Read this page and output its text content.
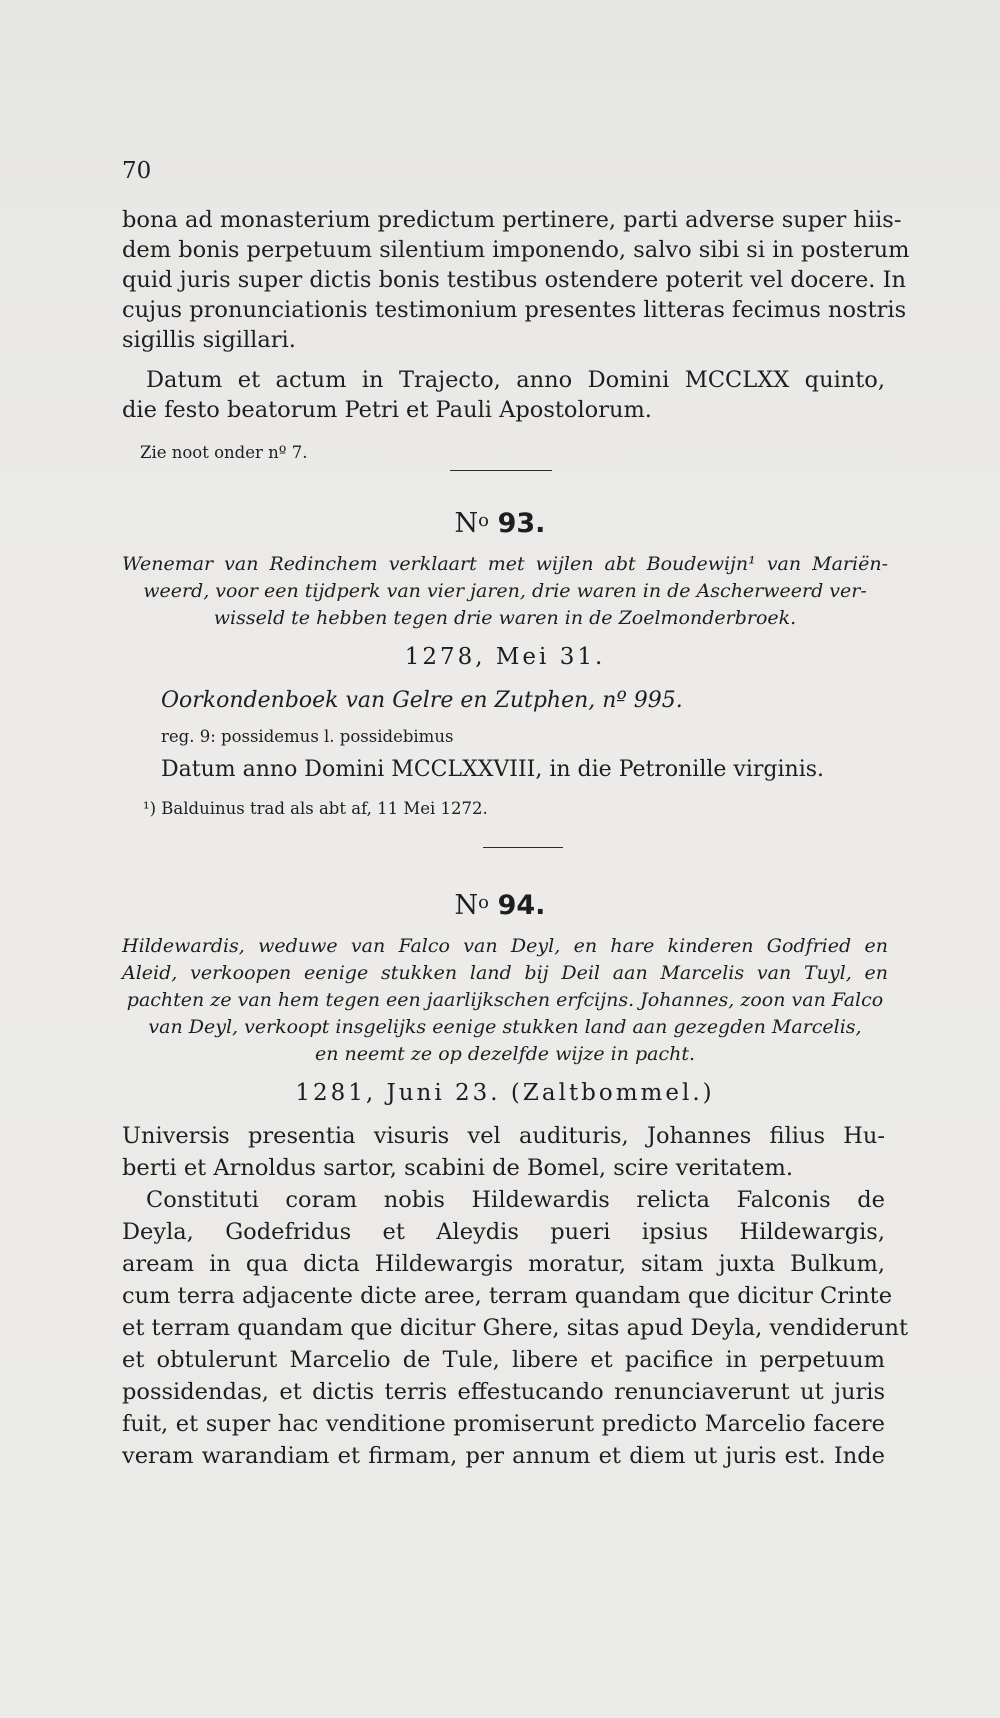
70
bona ad monasterium predictum pertinere, parti adverse super hiis-
dem bonis perpetuum silentium imponendo, salvo sibi si in posterum
quid juris super dictis bonis testibus ostendere poterit vel docere. In
cujus pronunciationis testimonium presentes litteras fecimus nostris
sigillis sigillari.
Datum et actum in Trajecto, anno Domini MCCLXX quinto,
die festo beatorum Petri et Pauli Apostolorum.
Zie noot onder nº 7.
$N^o$ 93.
Wenemar van Redinchem verklaart met wijlen abt Boudewijn¹ van Mariën-
weerd, voor een tijdperk van vier jaren, drie waren in de Ascherweerd ver-
wisseld te hebben tegen drie waren in de Zoelmonderbroek.
1278, Mei 31.
Oorkondenboek van Gelre en Zutphen, nº 995.
reg. 9: possidemus l. possidebimus
Datum anno Domini MCCLXXVIII, in die Petronille virginis.
¹) Balduinus trad als abt af, 11 Mei 1272.
$N^o$ 94.
Hildewardis, weduwe van Falco van Deyl, en hare kinderen Godfried en
Aleid, verkoopen eenige stukken land bij Deil aan Marcelis van Tuyl, en
pachten ze van hem tegen een jaarlijkschen erfcijns. Johannes, zoon van Falco
van Deyl, verkoopt insgelijks eenige stukken land aan gezegden Marcelis,
en neemt ze op dezelfde wijze in pacht.
1281, Juni 23. (Zaltbommel.)
Universis presentia visuris vel audituris, Johannes filius Hu-
berti et Arnoldus sartor, scabini de Bomel, scire veritatem.
Constituti coram nobis Hildewardis relicta Falconis de
Deyla, Godefridus et Aleydis pueri ipsius Hildewargis,
aream in qua dicta Hildewargis moratur, sitam juxta Bulkum,
cum terra adjacente dicte aree, terram quandam que dicitur Crinte
et terram quandam que dicitur Ghere, sitas apud Deyla, vendiderunt
et obtulerunt Marcelio de Tule, libere et pacifice in perpetuum
possidendas, et dictis terris effestucando renunciaverunt ut juris
fuit, et super hac venditione promiserunt predicto Marcelio facere
veram warandiam et firmam, per annum et diem ut juris est. Inde
